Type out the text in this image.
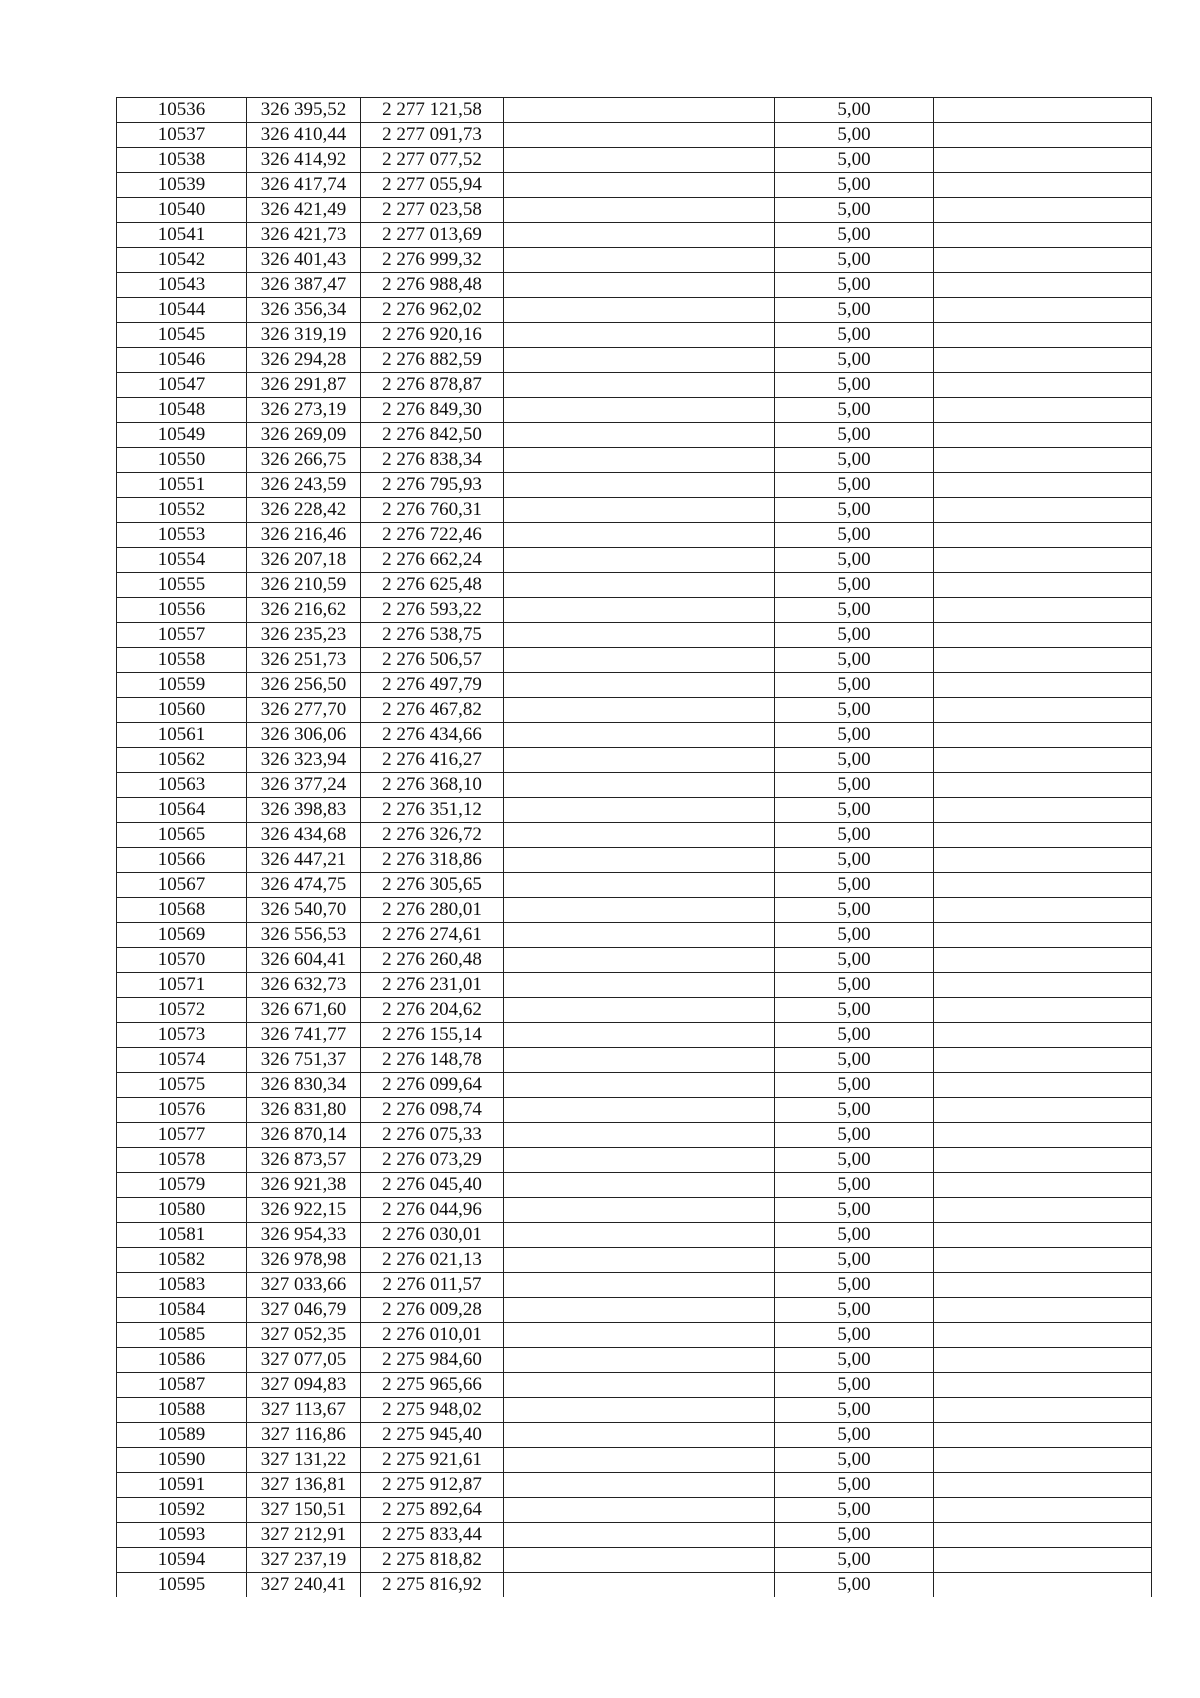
10536	326 395,52	2 277 121,58		5,00	
10537	326 410,44	2 277 091,73		5,00	
10538	326 414,92	2 277 077,52		5,00	
10539	326 417,74	2 277 055,94		5,00	
10540	326 421,49	2 277 023,58		5,00	
10541	326 421,73	2 277 013,69		5,00	
10542	326 401,43	2 276 999,32		5,00	
10543	326 387,47	2 276 988,48		5,00	
10544	326 356,34	2 276 962,02		5,00	
10545	326 319,19	2 276 920,16		5,00	
10546	326 294,28	2 276 882,59		5,00	
10547	326 291,87	2 276 878,87		5,00	
10548	326 273,19	2 276 849,30		5,00	
10549	326 269,09	2 276 842,50		5,00	
10550	326 266,75	2 276 838,34		5,00	
10551	326 243,59	2 276 795,93		5,00	
10552	326 228,42	2 276 760,31		5,00	
10553	326 216,46	2 276 722,46		5,00	
10554	326 207,18	2 276 662,24		5,00	
10555	326 210,59	2 276 625,48		5,00	
10556	326 216,62	2 276 593,22		5,00	
10557	326 235,23	2 276 538,75		5,00	
10558	326 251,73	2 276 506,57		5,00	
10559	326 256,50	2 276 497,79		5,00	
10560	326 277,70	2 276 467,82		5,00	
10561	326 306,06	2 276 434,66		5,00	
10562	326 323,94	2 276 416,27		5,00	
10563	326 377,24	2 276 368,10		5,00	
10564	326 398,83	2 276 351,12		5,00	
10565	326 434,68	2 276 326,72		5,00	
10566	326 447,21	2 276 318,86		5,00	
10567	326 474,75	2 276 305,65		5,00	
10568	326 540,70	2 276 280,01		5,00	
10569	326 556,53	2 276 274,61		5,00	
10570	326 604,41	2 276 260,48		5,00	
10571	326 632,73	2 276 231,01		5,00	
10572	326 671,60	2 276 204,62		5,00	
10573	326 741,77	2 276 155,14		5,00	
10574	326 751,37	2 276 148,78		5,00	
10575	326 830,34	2 276 099,64		5,00	
10576	326 831,80	2 276 098,74		5,00	
10577	326 870,14	2 276 075,33		5,00	
10578	326 873,57	2 276 073,29		5,00	
10579	326 921,38	2 276 045,40		5,00	
10580	326 922,15	2 276 044,96		5,00	
10581	326 954,33	2 276 030,01		5,00	
10582	326 978,98	2 276 021,13		5,00	
10583	327 033,66	2 276 011,57		5,00	
10584	327 046,79	2 276 009,28		5,00	
10585	327 052,35	2 276 010,01		5,00	
10586	327 077,05	2 275 984,60		5,00	
10587	327 094,83	2 275 965,66		5,00	
10588	327 113,67	2 275 948,02		5,00	
10589	327 116,86	2 275 945,40		5,00	
10590	327 131,22	2 275 921,61		5,00	
10591	327 136,81	2 275 912,87		5,00	
10592	327 150,51	2 275 892,64		5,00	
10593	327 212,91	2 275 833,44		5,00	
10594	327 237,19	2 275 818,82		5,00	
10595	327 240,41	2 275 816,92		5,00	
